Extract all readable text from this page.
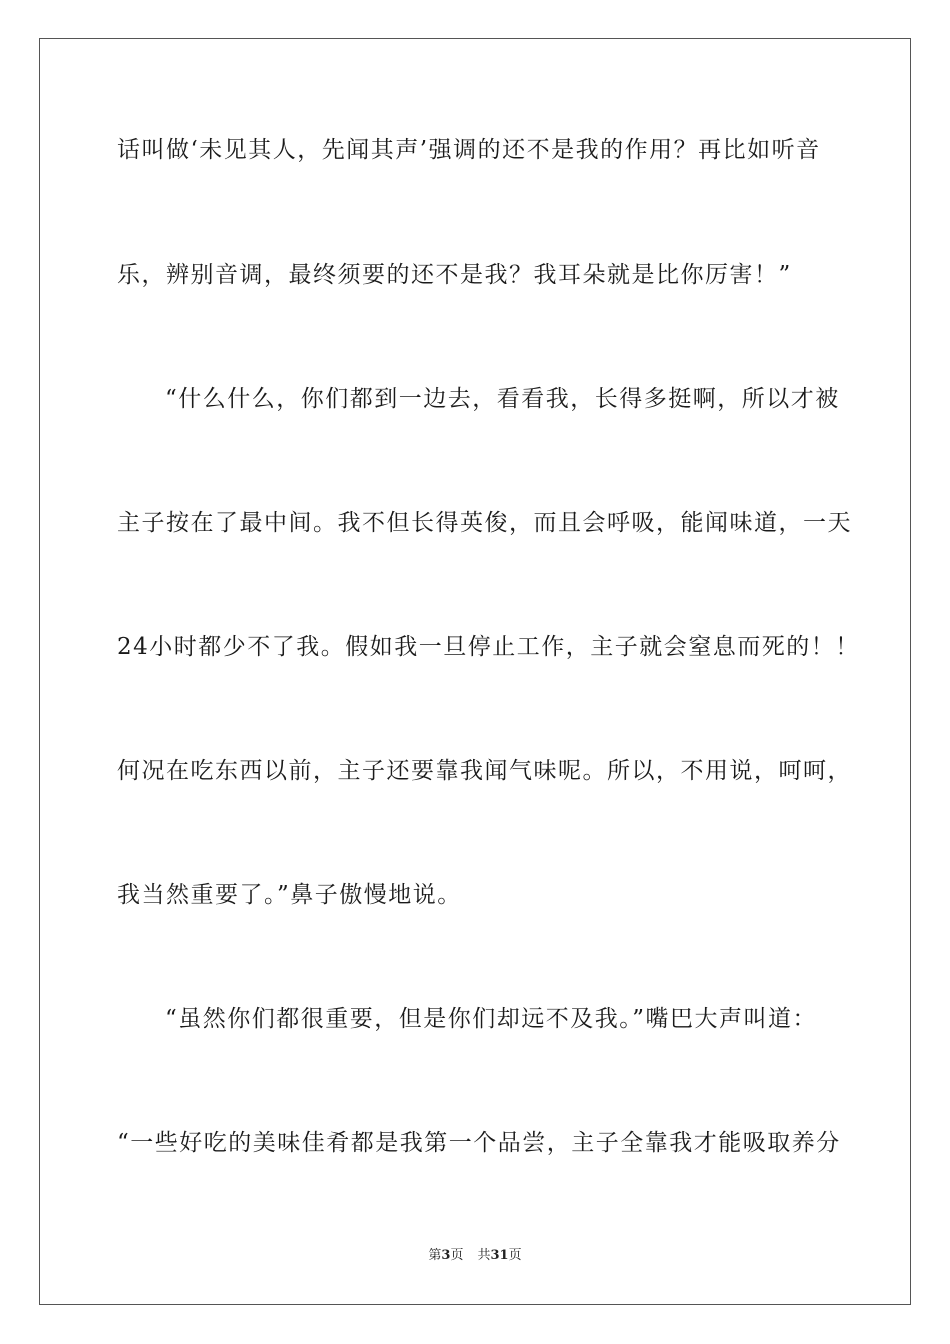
话叫做‘未见其人，先闻其声’强调的还不是我的作用？再比如听音
乐，辨别音调，最终须要的还不是我？我耳朵就是比你厉害！”
“什么什么，你们都到一边去，看看我，长得多挺啊，所以才被
主子按在了最中间。我不但长得英俊，而且会呼吸，能闻味道，一天
24小时都少不了我。假如我一旦停止工作，主子就会窒息而死的！！
何况在吃东西以前，主子还要靠我闻气味呢。所以，不用说，呵呵，
我当然重要了。”鼻子傲慢地说。
“虽然你们都很重要，但是你们却远不及我。”嘴巴大声叫道：
“一些好吃的美味佳肴都是我第一个品尝，主子全靠我才能吸取养分
第3页 共31页
